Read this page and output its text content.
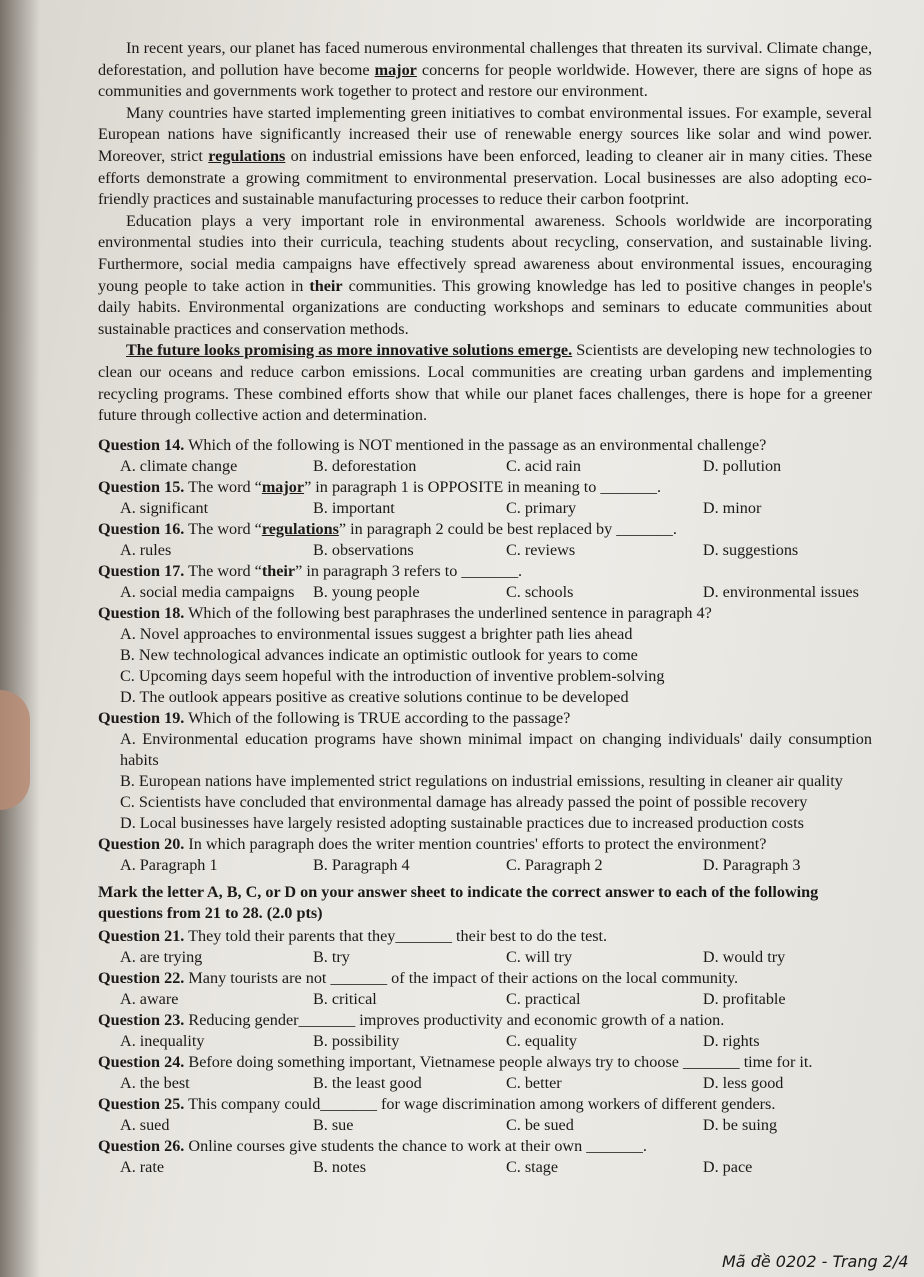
In recent years, our planet has faced numerous environmental challenges that threaten its survival. Climate change, deforestation, and pollution have become major concerns for people worldwide. However, there are signs of hope as communities and governments work together to protect and restore our environment.

Many countries have started implementing green initiatives to combat environmental issues. For example, several European nations have significantly increased their use of renewable energy sources like solar and wind power. Moreover, strict regulations on industrial emissions have been enforced, leading to cleaner air in many cities. These efforts demonstrate a growing commitment to environmental preservation. Local businesses are also adopting eco-friendly practices and sustainable manufacturing processes to reduce their carbon footprint.

Education plays a very important role in environmental awareness. Schools worldwide are incorporating environmental studies into their curricula, teaching students about recycling, conservation, and sustainable living. Furthermore, social media campaigns have effectively spread awareness about environmental issues, encouraging young people to take action in their communities. This growing knowledge has led to positive changes in people's daily habits. Environmental organizations are conducting workshops and seminars to educate communities about sustainable practices and conservation methods.

The future looks promising as more innovative solutions emerge. Scientists are developing new technologies to clean our oceans and reduce carbon emissions. Local communities are creating urban gardens and implementing recycling programs. These combined efforts show that while our planet faces challenges, there is hope for a greener future through collective action and determination.

Question 14. Which of the following is NOT mentioned in the passage as an environmental challenge?

A. climate change	B. deforestation	C. acid rain	D. pollution

Question 15. The word “major” in paragraph 1 is OPPOSITE in meaning to _______.

A. significant	B. important	C. primary	D. minor

Question 16. The word “regulations” in paragraph 2 could be best replaced by _______.

A. rules	B. observations	C. reviews	D. suggestions

Question 17. The word “their” in paragraph 3 refers to _______.

A. social media campaigns	B. young people	C. schools	D. environmental issues

Question 18. Which of the following best paraphrases the underlined sentence in paragraph 4?

A. Novel approaches to environmental issues suggest a brighter path lies ahead
B. New technological advances indicate an optimistic outlook for years to come
C. Upcoming days seem hopeful with the introduction of inventive problem-solving
D. The outlook appears positive as creative solutions continue to be developed

Question 19. Which of the following is TRUE according to the passage?

A. Environmental education programs have shown minimal impact on changing individuals' daily consumption habits
B. European nations have implemented strict regulations on industrial emissions, resulting in cleaner air quality
C. Scientists have concluded that environmental damage has already passed the point of possible recovery
D. Local businesses have largely resisted adopting sustainable practices due to increased production costs

Question 20. In which paragraph does the writer mention countries' efforts to protect the environment?

A. Paragraph 1	B. Paragraph 4	C. Paragraph 2	D. Paragraph 3
Mark the letter A, B, C, or D on your answer sheet to indicate the correct answer to each of the following questions from 21 to 28. (2.0 pts)

Question 21. They told their parents that they_______ their best to do the test.

A. are trying	B. try	C. will try	D. would try

Question 22. Many tourists are not _______ of the impact of their actions on the local community.

A. aware	B. critical	C. practical	D. profitable

Question 23. Reducing gender_______ improves productivity and economic growth of a nation.

A. inequality	B. possibility	C. equality	D. rights

Question 24. Before doing something important, Vietnamese people always try to choose _______ time for it.

A. the best	B. the least good	C. better	D. less good

Question 25. This company could_______ for wage discrimination among workers of different genders.

A. sued	B. sue	C. be sued	D. be suing

Question 26. Online courses give students the chance to work at their own _______.

A. rate	B. notes	C. stage	D. pace
Mã đề 0202 - Trang 2/4
